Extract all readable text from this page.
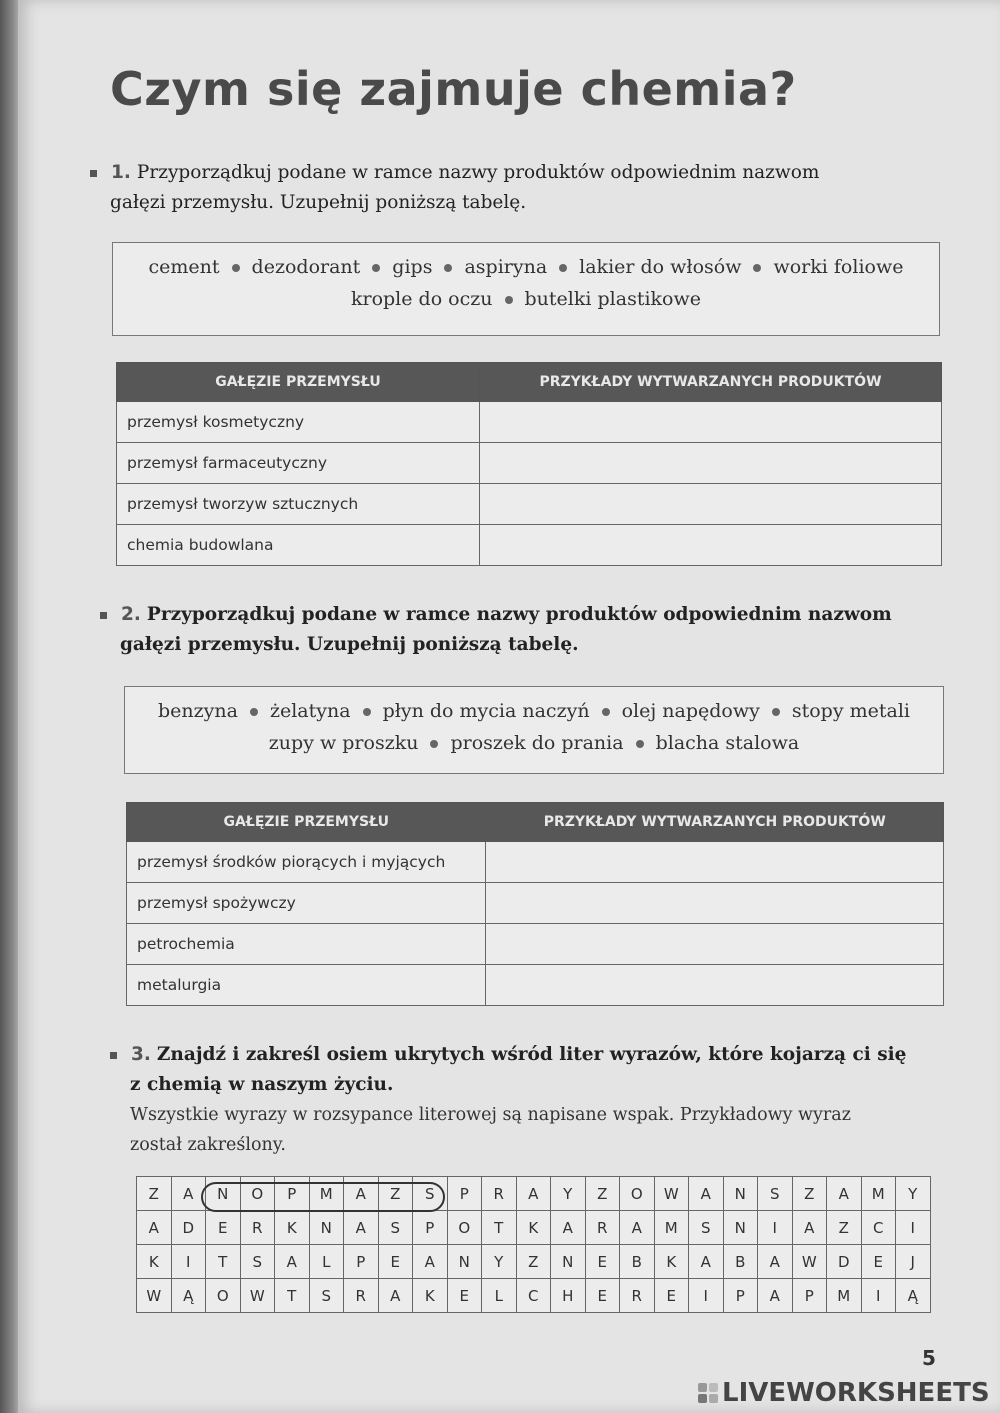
Czym się zajmuje chemia?
1. Przyporządkuj podane w ramce nazwy produktów odpowiednim nazwom
gałęzi przemysłu. Uzupełnij poniższą tabelę.
cement dezodorant gips aspiryna lakier do włosów worki foliowe
krople do oczu butelki plastikowe
GAŁĘZIE PRZEMYSŁU	PRZYKŁADY WYTWARZANYCH PRODUKTÓW
przemysł kosmetyczny	
przemysł farmaceutyczny	
przemysł tworzyw sztucznych	
chemia budowlana	
2. Przyporządkuj podane w ramce nazwy produktów odpowiednim nazwom
gałęzi przemysłu. Uzupełnij poniższą tabelę.
benzyna żelatyna płyn do mycia naczyń olej napędowy stopy metali
zupy w proszku proszek do prania blacha stalowa
GAŁĘZIE PRZEMYSŁU	PRZYKŁADY WYTWARZANYCH PRODUKTÓW
przemysł środków piorących i myjących	
przemysł spożywczy	
petrochemia	
metalurgia	
3. Znajdź i zakreśl osiem ukrytych wśród liter wyrazów, które kojarzą ci się
z chemią w naszym życiu.
Wszystkie wyrazy w rozsypance literowej są napisane wspak. Przykładowy wyraz
został zakreślony.
Z	A	N	O	P	M	A	Z	S	P	R	A	Y	Z	O	W	A	N	S	Z	A	M	Y
A	D	E	R	K	N	A	S	P	O	T	K	A	R	A	M	S	N	I	A	Z	C	I
K	I	T	S	A	L	P	E	A	N	Y	Z	N	E	B	K	A	B	A	W	D	E	J
W	Ą	O	W	T	S	R	A	K	E	L	C	H	E	R	E	I	P	A	P	M	I	Ą
5
LIVEWORKSHEETS
